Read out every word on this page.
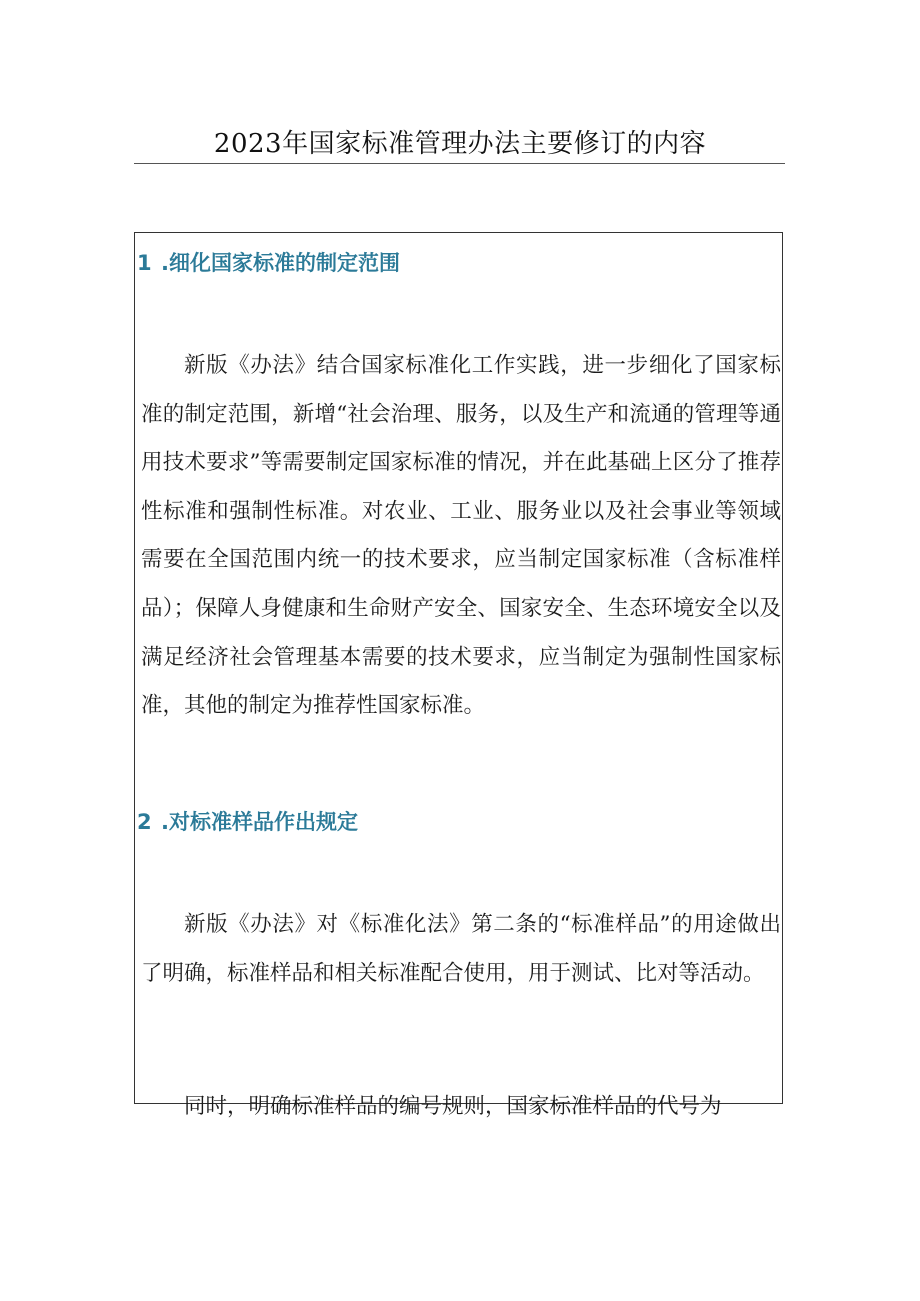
2023年国家标准管理办法主要修订的内容
1 .细化国家标准的制定范围

新版《办法》结合国家标准化工作实践，进一步细化了国家标准的制定范围，新增“社会治理、服务，以及生产和流通的管理等通用技术要求”等需要制定国家标准的情况，并在此基础上区分了推荐性标准和强制性标准。对农业、工业、服务业以及社会事业等领域需要在全国范围内统一的技术要求，应当制定国家标准（含标准样品）；保障人身健康和生命财产安全、国家安全、生态环境安全以及满足经济社会管理基本需要的技术要求，应当制定为强制性国家标准，其他的制定为推荐性国家标准。

2 .对标准样品作出规定

新版《办法》对《标准化法》第二条的“标准样品”的用途做出了明确，标准样品和相关标准配合使用，用于测试、比对等活动。

同时，明确标准样品的编号规则，国家标准样品的代号为
